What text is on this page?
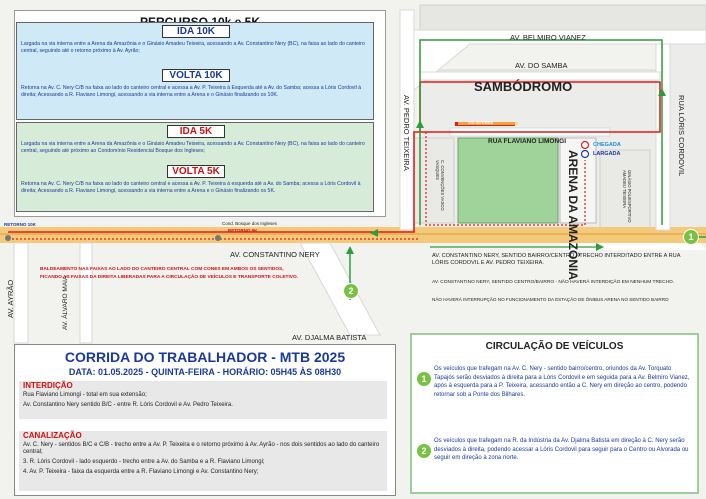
AV. BELMIRO VIANEZ
AV. DO SAMBA
SAMBÓDROMO
AV. PEDRO TEIXEIRA	RUA LÓRIS CORDOVIL
RUA FLAVIANO LIMONGI
ARENA DA AMAZÔNIA
AV. CONSTANTINO NERY
AV. AYRÃO	AV. ÁLVARO MAIA
AV. DJALMA BATISTA
VIA INTERNA
C. CONVENÇÕES VASCO VASQUES
GINÁSIO POLIESPORTIVO AMADEU TEIXEIRA
Cond. Bosque dos Ingleses
RETORNO 10K
RETORNO 5K
CHEGADA
LARGADA
AV. CONSTANTINO NERY, SENTIDO BAIRRO/CENTRO - TRECHO INTERDITADO ENTRE A RUA LÓRIS CORDOVIL E AV. PEDRO TEIXEIRA.
AV. CONSTANTINO NERY, SENTIDO CENTRO/BAIRRO - NÃO HAVERÁ INTERDIÇÃO EM NENHUM TRECHO.
NÃO HAVERÁ INTERRUPÇÃO NO FUNCIONAMENTO DA ESTAÇÃO DE ÔNIBUS ARENA NO SENTIDO BAIRRO
BALDEAMENTO NAS FAIXAS AO LADO DO CANTEIRO CENTRAL COM CONES EM AMBOS OS SENTIDOS,
FICANDO AS FAIXAS DA DIREITA LIBERADAS PARA A CIRCULAÇÃO DE VEÍCULOS E TRANSPORTE COLETIVO.
1
2
IDA 10K
Largada na via interna entre a Arena da Amazônia e o Ginásio Amadeu Teixeira, acessando a Av. Constantino Nery (BC), na faixa ao lado do canteiro central, seguindo até o retorno próximo à Av. Ayrão;
VOLTA 10K
Retorna na Av. C. Nery C/B na faixa ao lado do canteiro central e acessa a Av. P. Teixeira à Esquerda até a Av. do Samba; acessa a Lóris Cordovil à direita; Acessando a R. Flaviano Limongi, acessando a via interna entre a Arena e o Ginásio finalizando os 10K.
IDA 5K
Largada na via interna entre a Arena da Amazônia e o Ginásio Amadeu Teixeira, acessando a Av. Constantino Nery (BC), na faixa ao lado do canteiro central, seguindo até próximo ao Condomínio Residencial Bosque dos Ingleses;
VOLTA 5K
Retorna na Av. C. Nery C/B na faixa ao lado do canteiro central e acessa a Av. P. Teixeira à esquerda até a Av. do Samba; acessa a Lóris Cordovil à direita; Acessando a R. Flaviano Limongi, acessando a via interna entre a Arena e o Ginásio finalizando os 5K.
CORRIDA DO TRABALHADOR - MTB 2025
DATA: 01.05.2025 - QUINTA-FEIRA - HORÁRIO: 05H45 ÀS 08H30
INTERDIÇÃO
Rua Flaviano Limongi - total em sua extensão;
Av. Constantino Nery sentido B/C - entre R. Lóris Cordovil e Av. Pedro Teixeira.
CANALIZAÇÃO
Av. C. Nery - sentidos B/C e C/B - trecho entre a Av. P. Teixeira e o retorno próximo à Av. Ayrão - nos dois sentidos ao lado do canteiro central;
3. R. Lóris Cordovil - lado esquerdo - trecho entre a Av. do Samba e a R. Flaviano Limongi;
4. Av. P. Teixeira - faixa da esquerda entre a R. Flaviano Limongi e Av. Constantino Nery;
CIRCULAÇÃO DE VEÍCULOS
1
Os veículos que trafegam na Av. C. Nery - sentido bairro/centro, oriundos da Av. Torquato Tapajós serão desviados à direita para a Lóris Cordovil e em seguida para a Av. Belmiro Vianez, após à esquerda para a P. Teixeira, acessando então a C. Nery em direção ao centro, podendo retornar sob a Ponte dos Bilhares.
2
Os veículos que trafegam na R. da Indústria da Av. Djalma Batista em direção à C. Nery serão desviados à direita, podendo acessar a Lóris Cordovil para seguir para o Centro ou Alvorada ou seguir em direção à zona norte.
